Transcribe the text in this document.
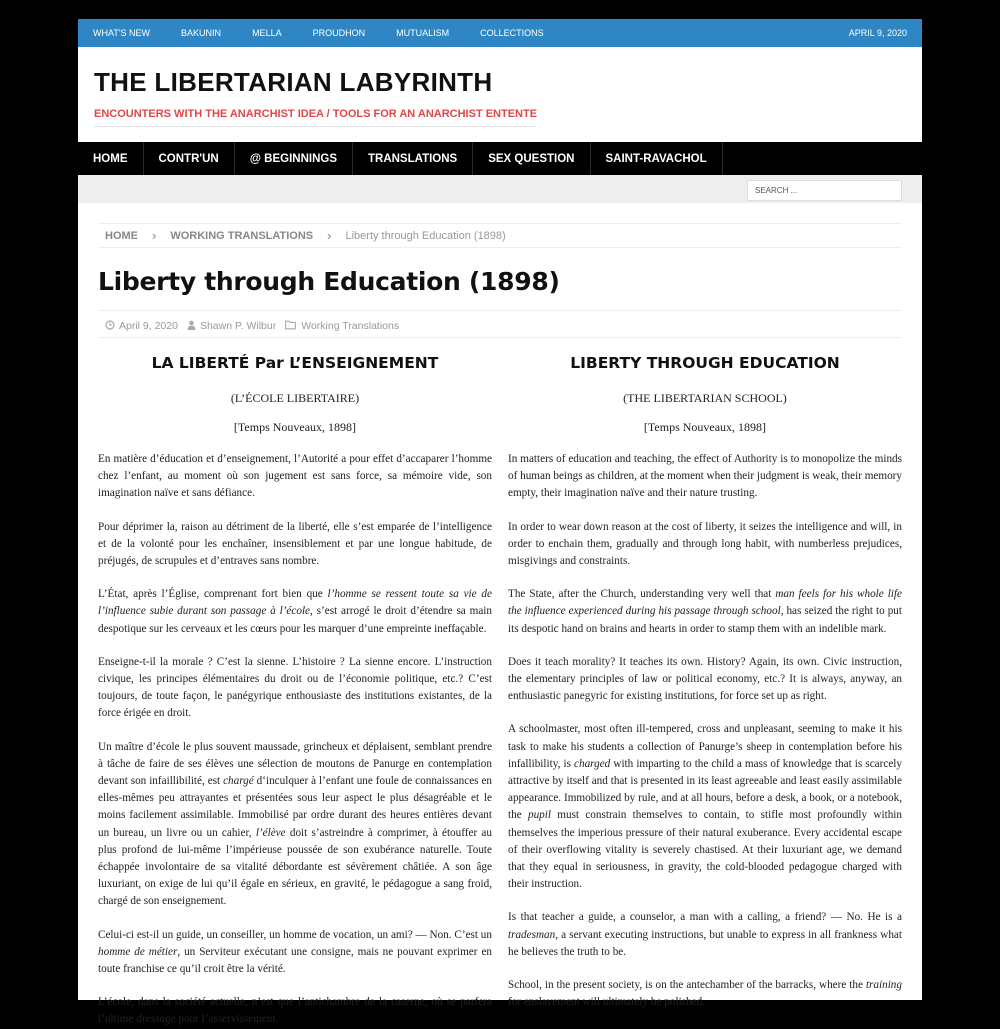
WHAT'S NEW	BAKUNIN	MELLA	PROUDHON	MUTUALISM	COLLECTIONS	APRIL 9, 2020
THE LIBERTARIAN LABYRINTH
ENCOUNTERS WITH THE ANARCHIST IDEA / TOOLS FOR AN ANARCHIST ENTENTE
HOME	CONTR'UN	@ BEGINNINGS	TRANSLATIONS	SEX QUESTION	SAINT-RAVACHOL
SEARCH ...
HOME › WORKING TRANSLATIONS › Liberty through Education (1898)
Liberty through Education (1898)
April 9, 2020 Shawn P. Wilbur Working Translations
LA LIBERTÉ Par L’ENSEIGNEMENT
(L’ÉCOLE LIBERTAIRE)
[Temps Nouveaux, 1898]

En matière d’éducation et d’enseignement, l’Autorité a pour effet d’accaparer l’homme chez l’enfant, au moment où son jugement est sans force, sa mémoire vide, son imagination naïve et sans défiance.

Pour déprimer la, raison au détriment de la liberté, elle s’est emparée de l’intelligence et de la volonté pour les enchaîner, insensiblement et par une longue habitude, de préjugés, de scrupules et d’entraves sans nombre.

L’État, après l’Église, comprenant fort bien que l’homme se ressent toute sa vie de l’influence subie durant son passage à l’école, s’est arrogé le droit d’étendre sa main despotique sur les cerveaux et les cœurs pour les marquer d’une empreinte ineffaçable.

Enseigne-t-il la morale ? C’est la sienne. L’histoire ? La sienne encore. L’instruction civique, les principes élémentaires du droit ou de l’économie politique, etc.? C’est toujours, de toute façon, le panégyrique enthousiaste des institutions existantes, de la force érigée en droit.

Un maître d’école le plus souvent maussade, grincheux et déplaisent, semblant prendre à tâche de faire de ses élèves une sélection de moutons de Panurge en contemplation devant son infaillibilité, est chargé d‘inculquer à l’enfant une foule de connaissances en elles-mêmes peu attrayantes et présentées sous leur aspect le plus désagréable et le moins facilement assimilable. Immobilisé par ordre durant des heures entières devant un bureau, un livre ou un cahier, l’élève doit s’astreindre à comprimer, à étouffer au plus profond de lui-même l’impérieuse poussée de son exubérance naturelle. Toute échappée involontaire de sa vitalité débordante est sévèrement châtiée. A son âge luxuriant, on exige de lui qu’il égale en sérieux, en gravité, le pédagogue a sang froid, chargé de son enseignement.

Celui-ci est-il un guide, un conseiller, un homme de vocation, un ami? — Non. C’est un homme de métier, un Serviteur exécutant une consigne, mais ne pouvant exprimer en toute franchise ce qu’il croit être la vérité.

L’école, dans la société actuelle, n’est que l’antichambre de la caserne, où se parfera l’ultime dressage pour l’asservissement.

LIBERTY THROUGH EDUCATION
(THE LIBERTARIAN SCHOOL)
[Temps Nouveaux, 1898]

In matters of education and teaching, the effect of Authority is to monopolize the minds of human beings as children, at the moment when their judgment is weak, their memory empty, their imagination naïve and their nature trusting.

In order to wear down reason at the cost of liberty, it seizes the intelligence and will, in order to enchain them, gradually and through long habit, with numberless prejudices, misgivings and constraints.

The State, after the Church, understanding very well that man feels for his whole life the influence experienced during his passage through school, has seized the right to put its despotic hand on brains and hearts in order to stamp them with an indelible mark.

Does it teach morality? It teaches its own. History? Again, its own. Civic instruction, the elementary principles of law or political economy, etc.? It is always, anyway, an enthusiastic panegyric for existing institutions, for force set up as right.

A schoolmaster, most often ill-tempered, cross and unpleasant, seeming to make it his task to make his students a collection of Panurge’s sheep in contemplation before his infallibility, is charged with imparting to the child a mass of knowledge that is scarcely attractive by itself and that is presented in its least agreeable and least easily assimilable appearance. Immobilized by rule, and at all hours, before a desk, a book, or a notebook, the pupil must constrain themselves to contain, to stifle most profoundly within themselves the imperious pressure of their natural exuberance. Every accidental escape of their overflowing vitality is severely chastised. At their luxuriant age, we demand that they equal in seriousness, in gravity, the cold-blooded pedagogue charged with their instruction.

Is that teacher a guide, a counselor, a man with a calling, a friend? — No. He is a tradesman, a servant executing instructions, but unable to express in all frankness what he believes the truth to be.

School, in the present society, is on the antechamber of the barracks, where the training for enslavement will ultimately be polished.
